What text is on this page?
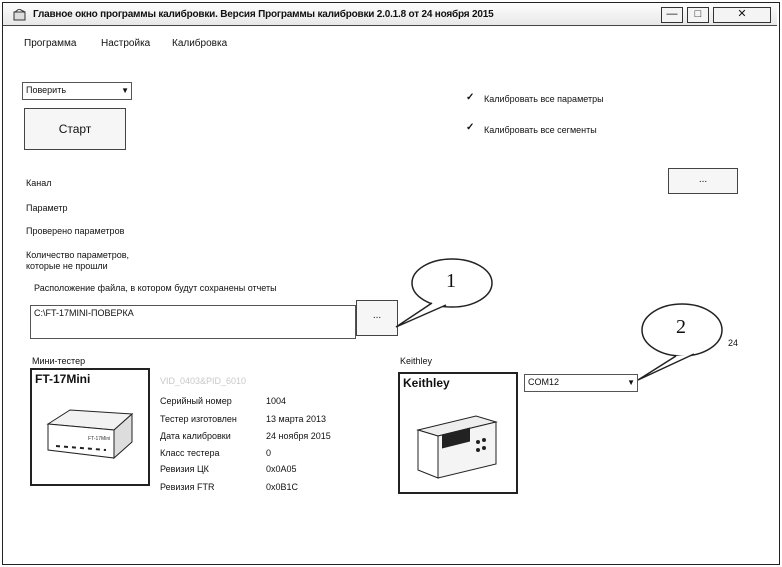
Главное окно программы калибровки. Версия Программы калибровки 2.0.1.8 от 24 ноября 2015	—	□	✕
Программа Настройка Калибровка
Поверить	▼
Старт
✓ Калибровать все параметры
✓ Калибровать все сегменты
Канал
Параметр
Проверено параметров
Количество параметров,
которые не прошли
...
Расположение файла, в котором будут сохранены отчеты
C:\FT-17MINI-ПОВЕРКА	...
1
2
24
Мини-тестер
FT-17Mini
FT-17Mini
VID_0403&PID_6010
Серийный номер	1004
Тестер изготовлен	13 марта 2013
Дата калибровки	24 ноября 2015
Класс тестера	0
Ревизия ЦК	0x0A05
Ревизия FTR	0x0B1C
Keithley
Keithley	COM12	▼
